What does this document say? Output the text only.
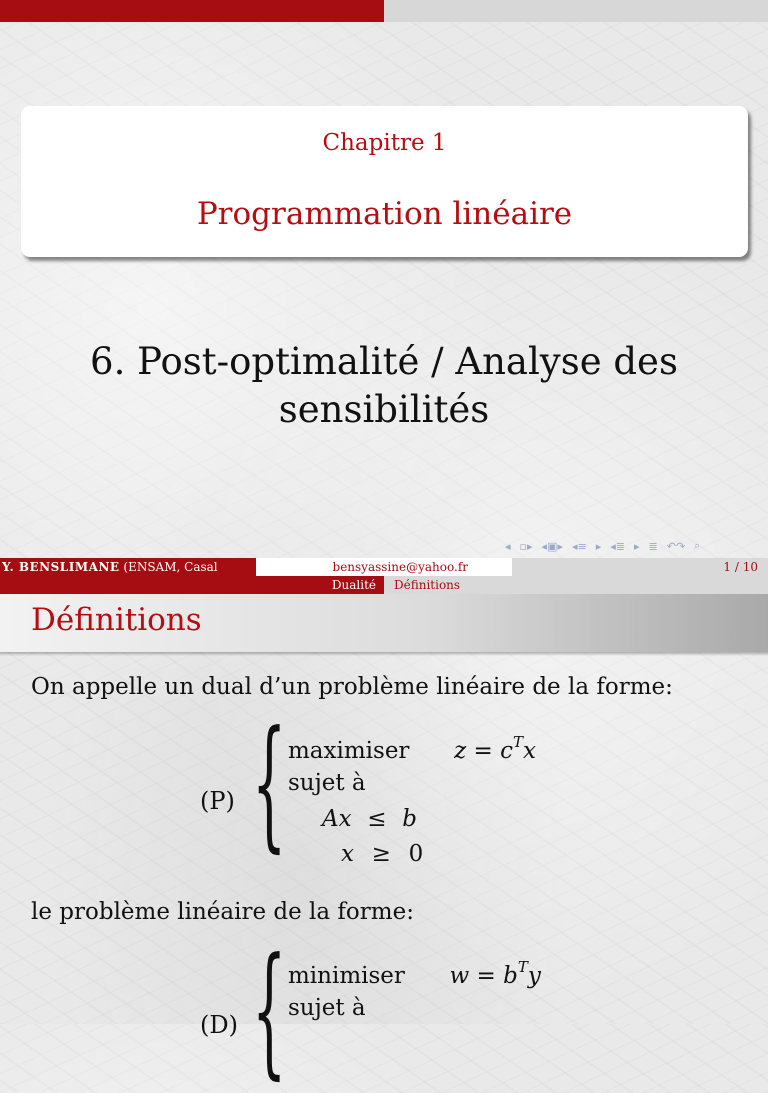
Chapitre 1
Programmation linéaire
6. Post-optimalité / Analyse des
sensibilités
◂ ▫▸ ◂▣▸ ◂≡ ▸ ◂≣ ▸ ≣ ↶↷ ⌕
Y. BENSLIMANE (ENSAM, Casal	bensyassine@yahoo.fr	1 / 10
Dualité	Définitions
Définitions
On appelle un dual d’un problème linéaire de la forme:
(P) { maximiser $z = c^Tx$
sujet à
Ax ≤ b
x ≥ 0
le problème linéaire de la forme:
(D) { minimiser $w = b^Ty$
sujet à
